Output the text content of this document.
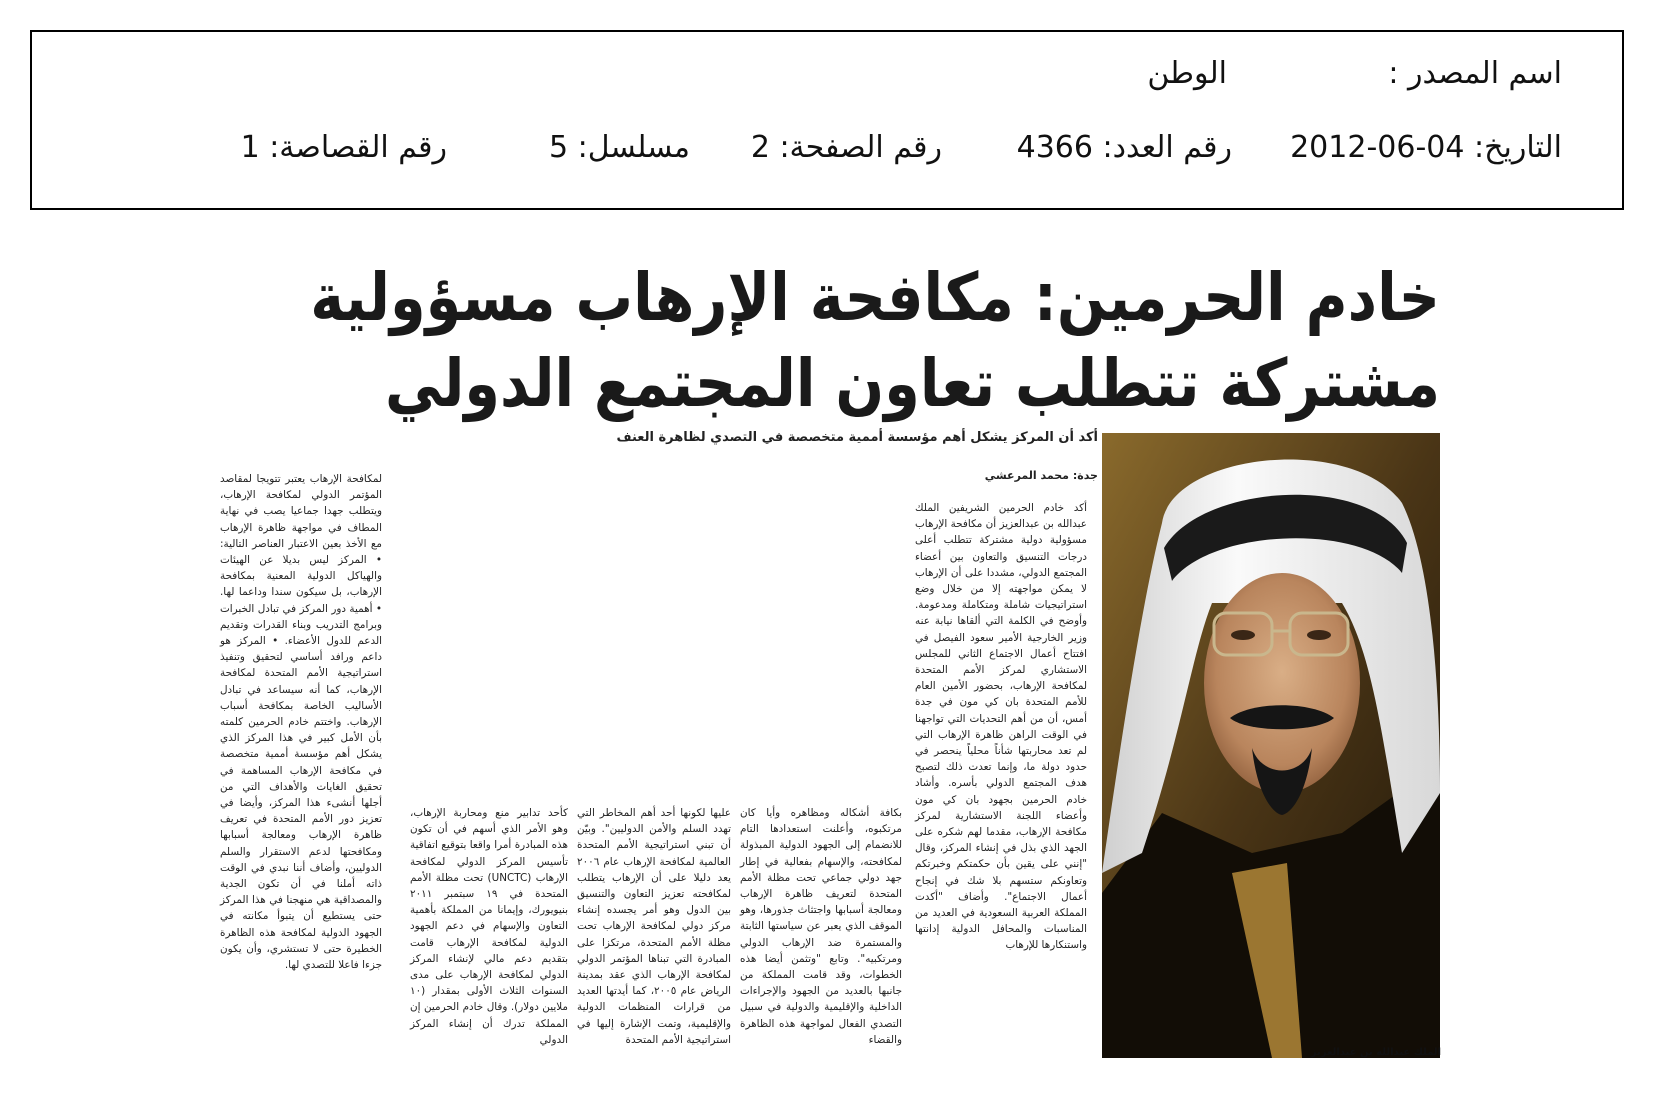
اسم المصدر :
الوطن
التاريخ: 04-06-2012
رقم العدد: 4366
رقم الصفحة: 2
مسلسل: 5
رقم القصاصة: 1
خادم الحرمين: مكافحة الإرهاب مسؤولية
مشتركة تتطلب تعاون المجتمع الدولي
أكد أن المركز يشكل أهم مؤسسة أممية متخصصة في التصدي لظاهرة العنف
جدة: محمد المرعشي
الملك عبدالله بن عبدالعزيز
أكد خادم الحرمين الشريفين الملك عبدالله بن عبدالعزيز أن مكافحة الإرهاب مسؤولية دولية مشتركة تتطلب أعلى درجات التنسيق والتعاون بين أعضاء المجتمع الدولي، مشددا على أن الإرهاب لا يمكن مواجهته إلا من خلال وضع استراتيجيات شاملة ومتكاملة ومدعومة. وأوضح في الكلمة التي ألقاها نيابة عنه وزير الخارجية الأمير سعود الفيصل في افتتاح أعمال الاجتماع الثاني للمجلس الاستشاري لمركز الأمم المتحدة لمكافحة الإرهاب، بحضور الأمين العام للأمم المتحدة بان كي مون في جدة أمس، أن من أهم التحديات التي تواجهنا في الوقت الراهن ظاهرة الإرهاب التي لم تعد محاربتها شأناً محلياً ينحصر في حدود دولة ما، وإنما تعدت ذلك لتصبح هدف المجتمع الدولي بأسره. وأشاد خادم الحرمين بجهود بان كي مون وأعضاء اللجنة الاستشارية لمركز مكافحة الإرهاب، مقدما لهم شكره على الجهد الذي بذل في إنشاء المركز، وقال "إنني على يقين بأن حكمتكم وخبرتكم وتعاونكم ستسهم بلا شك في إنجاح أعمال الاجتماع". وأضاف "أكدت المملكة العربية السعودية في العديد من المناسبات والمحافل الدولية إدانتها واستنكارها للإرهاب
بكافة أشكاله ومظاهره وأيا كان مرتكبوه، وأعلنت استعدادها التام للانضمام إلى الجهود الدولية المبذولة لمكافحته، والإسهام بفعالية في إطار جهد دولي جماعي تحت مظلة الأمم المتحدة لتعريف ظاهرة الإرهاب ومعالجة أسبابها واجتثاث جذورها، وهو الموقف الذي يعبر عن سياستها الثابتة والمستمرة ضد الإرهاب الدولي ومرتكبيه". وتابع "وتثمن أيضا هذه الخطوات، وقد قامت المملكة من جانبها بالعديد من الجهود والإجراءات الداخلية والإقليمية والدولية في سبيل التصدي الفعال لمواجهة هذه الظاهرة والقضاء
عليها لكونها أحد أهم المخاطر التي تهدد السلم والأمن الدوليين". وبيّن أن تبني استراتيجية الأمم المتحدة العالمية لمكافحة الإرهاب عام ٢٠٠٦ يعد دليلا على أن الإرهاب يتطلب لمكافحته تعزيز التعاون والتنسيق بين الدول وهو أمر يجسده إنشاء مركز دولي لمكافحة الإرهاب تحت مظلة الأمم المتحدة، مرتكزا على المبادرة التي تبناها المؤتمر الدولي لمكافحة الإرهاب الذي عقد بمدينة الرياض عام ٢٠٠٥، كما أيدتها العديد من قرارات المنظمات الدولية والإقليمية، وتمت الإشارة إليها في استراتيجية الأمم المتحدة
كأحد تدابير منع ومحاربة الإرهاب، وهو الأمر الذي أسهم في أن تكون هذه المبادرة أمرا واقعا بتوقيع اتفاقية تأسيس المركز الدولي لمكافحة الإرهاب (UNCTC) تحت مظلة الأمم المتحدة في ١٩ سبتمبر ٢٠١١ بنيويورك، وإيمانا من المملكة بأهمية التعاون والإسهام في دعم الجهود الدولية لمكافحة الإرهاب قامت بتقديم دعم مالي لإنشاء المركز الدولي لمكافحة الإرهاب على مدى السنوات الثلاث الأولى بمقدار (١٠ ملايين دولار). وقال خادم الحرمين إن المملكة تدرك أن إنشاء المركز الدولي
لمكافحة الإرهاب يعتبر تتويجا لمقاصد المؤتمر الدولي لمكافحة الإرهاب، ويتطلب جهدا جماعيا يصب في نهاية المطاف في مواجهة ظاهرة الإرهاب مع الأخذ بعين الاعتبار العناصر التالية: • المركز ليس بديلا عن الهيئات والهياكل الدولية المعنية بمكافحة الإرهاب، بل سيكون سندا وداعما لها. • أهمية دور المركز في تبادل الخبرات وبرامج التدريب وبناء القدرات وتقديم الدعم للدول الأعضاء. • المركز هو داعم ورافد أساسي لتحقيق وتنفيذ استراتيجية الأمم المتحدة لمكافحة الإرهاب، كما أنه سيساعد في تبادل الأساليب الخاصة بمكافحة أسباب الإرهاب. واختتم خادم الحرمين كلمته بأن الأمل كبير في هذا المركز الذي يشكل أهم مؤسسة أممية متخصصة في مكافحة الإرهاب المساهمة في تحقيق الغايات والأهداف التي من أجلها أنشىء هذا المركز، وأيضا في تعزيز دور الأمم المتحدة في تعريف ظاهرة الإرهاب ومعالجة أسبابها ومكافحتها لدعم الاستقرار والسلم الدوليين، وأضاف أننا نبدي في الوقت ذاته أملنا في أن تكون الجدية والمصداقية هي منهجنا في هذا المركز حتى يستطيع أن يتبوأ مكانته في الجهود الدولية لمكافحة هذه الظاهرة الخطيرة حتى لا تستشري، وأن يكون جزءا فاعلا للتصدي لها.
